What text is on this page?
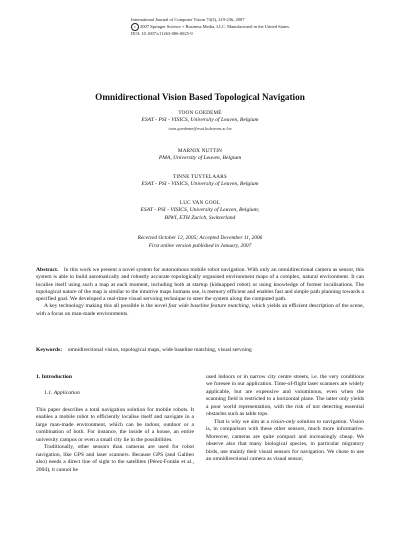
International Journal of Computer Vision 74(3), 219-236, 2007
c 2007 Springer Science + Business Media, LLC. Manufactured in the United States.
DOI: 10.1007/s11263-006-0025-9
Omnidirectional Vision Based Topological Navigation
TOON GOEDEMÉ
ESAT - PSI - VISICS, University of Leuven, Belgium
toon.goedeme@esat.kuleuven.ac.be
MARNIX NUTTIN
PMA, University of Leuven, Belgium
TINNE TUYTELAARS
ESAT - PSI - VISICS, University of Leuven, Belgium
LUC VAN GOOL
ESAT - PSI - VISICS, University of Leuven, Belgium;
BIWI, ETH Zurich, Switzerland
Received October 12, 2005; Accepted December 11, 2006
First online version published in January, 2007

Abstract.  In this work we present a novel system for autonomous mobile robot navigation. With only an omnidirectional camera as sensor, this system is able to build automatically and robustly accurate topologically organised environment maps of a complex, natural environment. It can localise itself using such a map at each moment, including both at startup (kidnapped robot) or using knowledge of former localisations. The topological nature of the map is similar to the intuitive maps humans use, is memory efficient and enables fast and simple path planning towards a specified goal. We developed a real-time visual servoing technique to steer the system along the computed path.

A key technology making this all possible is the novel fast wide baseline feature matching, which yields an efficient description of the scene, with a focus on man-made environments.

Keywords:  omnidirectional vision, topological maps, wide baseline matching, visual servoing

1. Introduction

1.1. Application

This paper describes a total navigation solution for mobile robots. It enables a mobile robot to efficiently localise itself and navigate in a large man-made environment, which can be indoor, outdoor or a combination of both. For instance, the inside of a house, an entire university campus or even a small city lie in the possibilities.

Traditionally, other sensors than cameras are used for robot navigation, like GPS and laser scanners. Because GPS (and Galileo also) needs a direct line of sight to the satellites (Pérez-Fontán et al., 2004), it cannot be

used indoors or in narrow city centre streets, i.e. the very conditions we foresee in our application. Time-of-flight laser scanners are widely applicable, but are expensive and voluminous, even when the scanning field is restricted to a horizontal plane. The latter only yields a poor world representation, with the risk of not detecting essential obstacles such as table tops.

That is why we aim at a vision-only solution to navigation. Vision is, in comparison with these other sensors, much more informative. Moreover, cameras are quite compact and increasingly cheap. We observe also that many biological species, in particular migratory birds, use mainly their visual sensors for navigation. We chose to use an omnidirectional camera as visual sensor,
